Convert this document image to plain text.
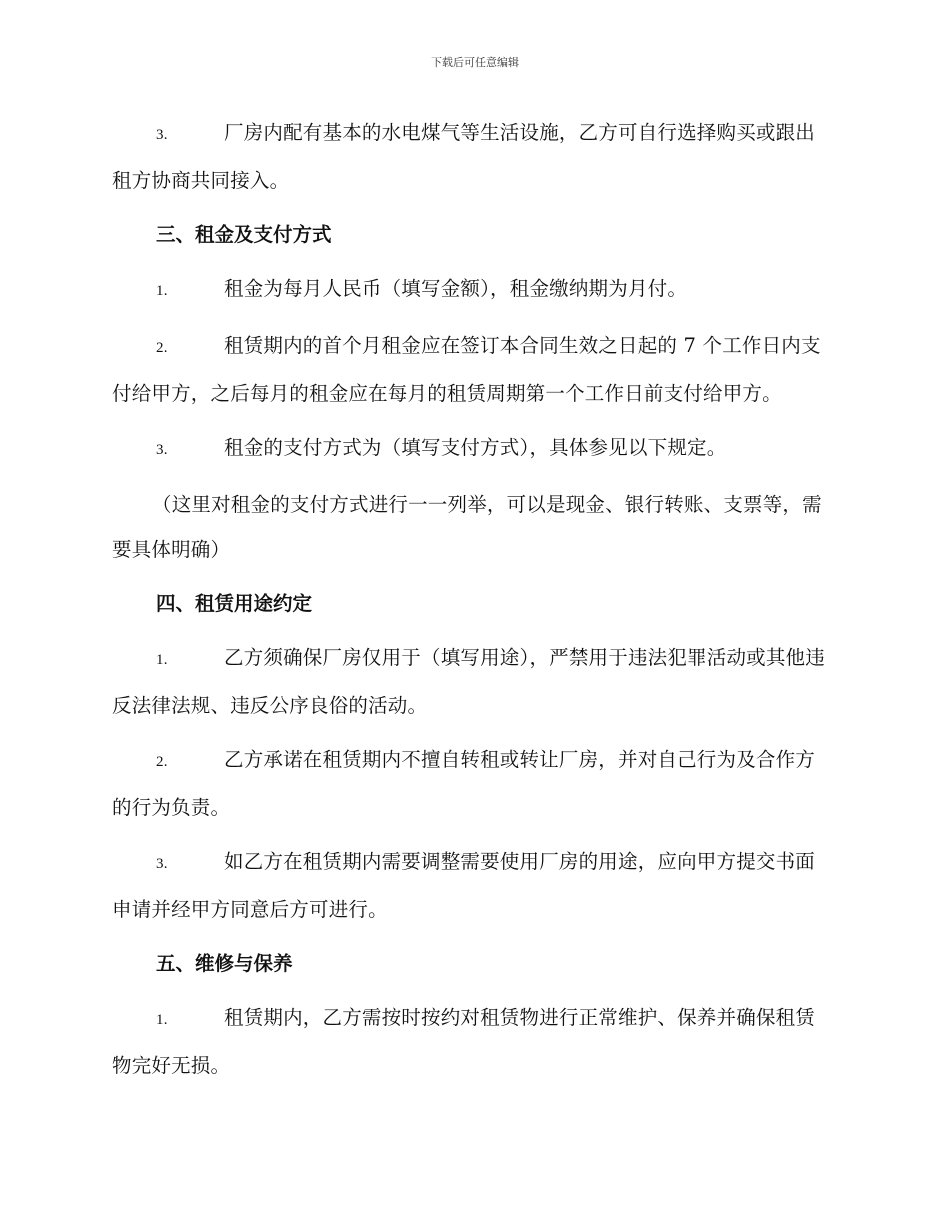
下载后可任意编辑
3.	厂房内配有基本的水电煤气等生活设施，乙方可自行选择购买或跟出租方协商共同接入。
三、租金及支付方式
1.	租金为每月人民币（填写金额），租金缴纳期为月付。
2.	租赁期内的首个月租金应在签订本合同生效之日起的 7 个工作日内支付给甲方，之后每月的租金应在每月的租赁周期第一个工作日前支付给甲方。
3.	租金的支付方式为（填写支付方式），具体参见以下规定。
（这里对租金的支付方式进行一一列举，可以是现金、银行转账、支票等，需要具体明确）
四、租赁用途约定
1.	乙方须确保厂房仅用于（填写用途），严禁用于违法犯罪活动或其他违反法律法规、违反公序良俗的活动。
2.	乙方承诺在租赁期内不擅自转租或转让厂房，并对自己行为及合作方的行为负责。
3.	如乙方在租赁期内需要调整需要使用厂房的用途，应向甲方提交书面申请并经甲方同意后方可进行。
五、维修与保养
1.	租赁期内，乙方需按时按约对租赁物进行正常维护、保养并确保租赁物完好无损。
